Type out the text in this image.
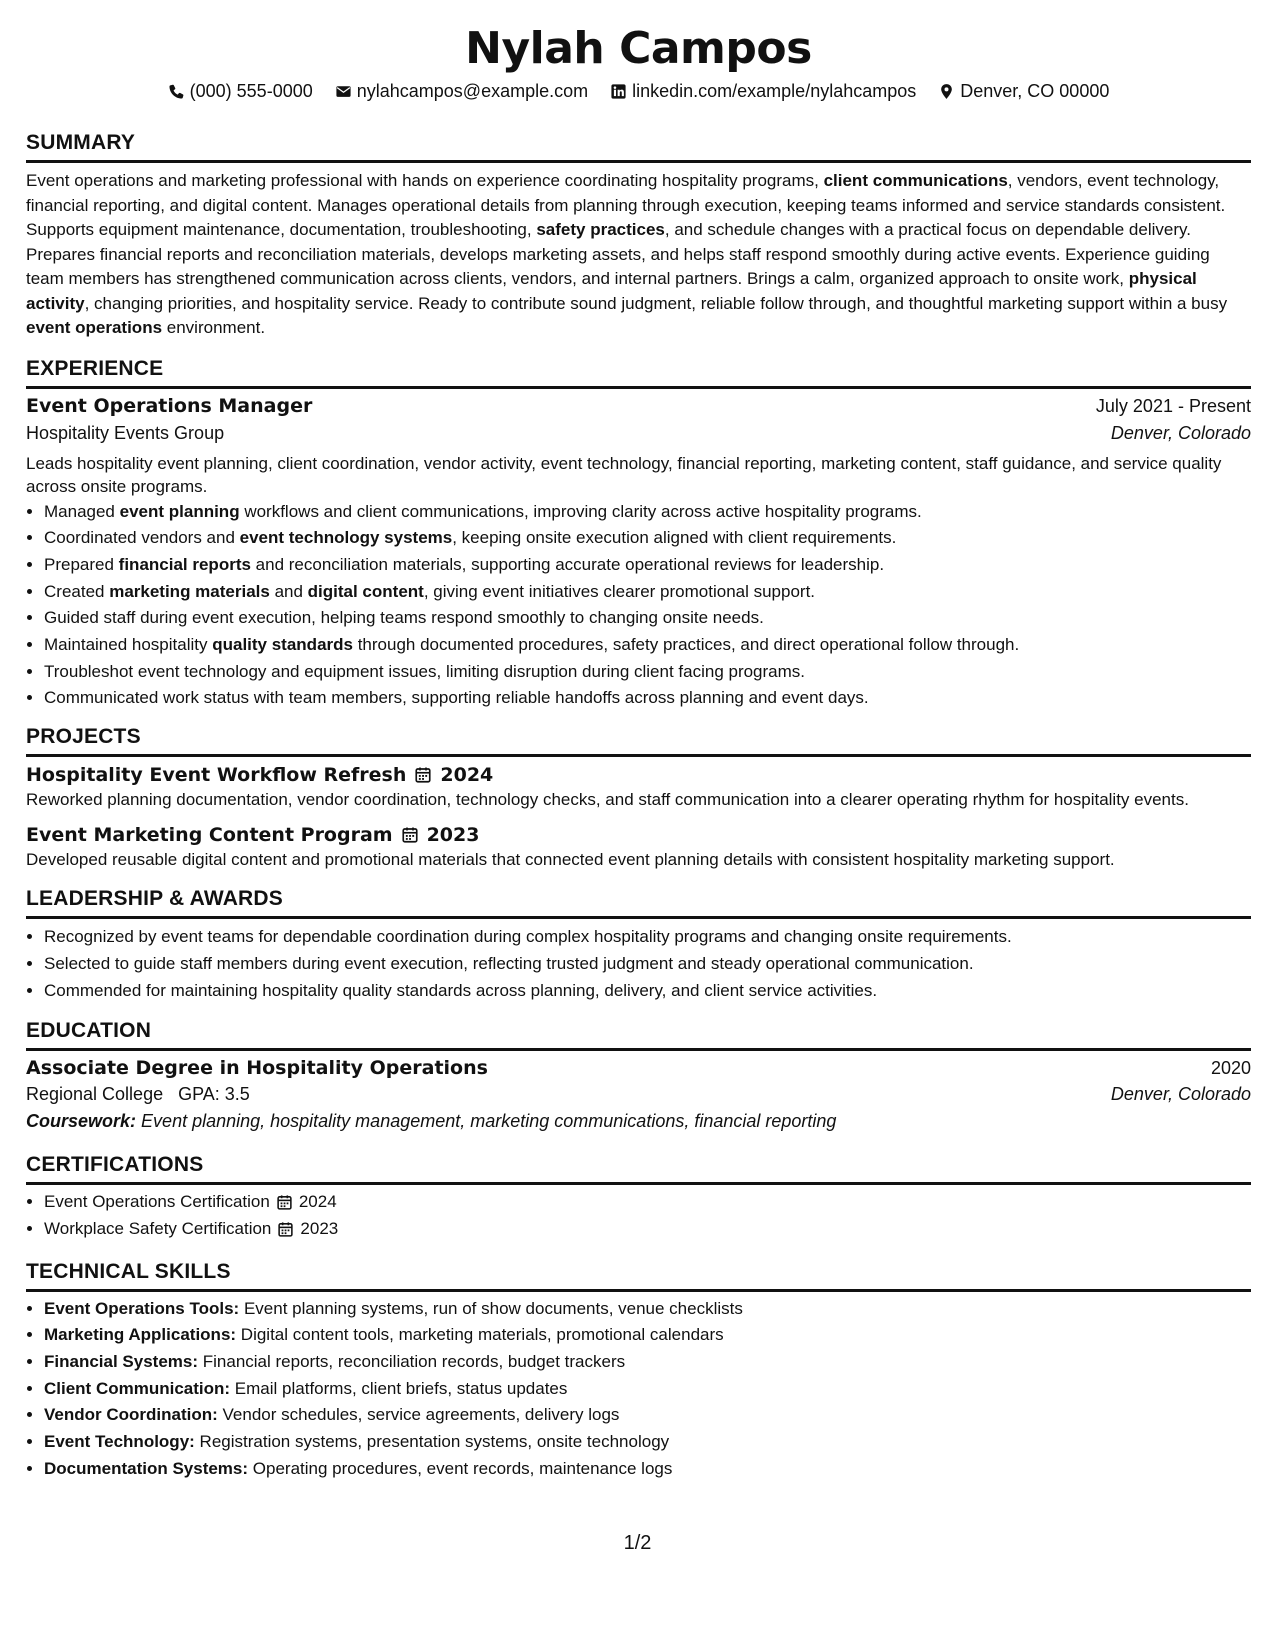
Nylah Campos
(000) 555-0000 nylahcampos@example.com linkedin.com/example/nylahcampos Denver, CO 00000
SUMMARY
Event operations and marketing professional with hands on experience coordinating hospitality programs, client communications, vendors, event technology, financial reporting, and digital content. Manages operational details from planning through execution, keeping teams informed and service standards consistent. Supports equipment maintenance, documentation, troubleshooting, safety practices, and schedule changes with a practical focus on dependable delivery. Prepares financial reports and reconciliation materials, develops marketing assets, and helps staff respond smoothly during active events. Experience guiding team members has strengthened communication across clients, vendors, and internal partners. Brings a calm, organized approach to onsite work, physical activity, changing priorities, and hospitality service. Ready to contribute sound judgment, reliable follow through, and thoughtful marketing support within a busy event operations environment.
EXPERIENCE
Event Operations Manager	July 2021 - Present
Hospitality Events Group	Denver, Colorado
Leads hospitality event planning, client coordination, vendor activity, event technology, financial reporting, marketing content, staff guidance, and service quality across onsite programs.
• Managed event planning workflows and client communications, improving clarity across active hospitality programs.
• Coordinated vendors and event technology systems, keeping onsite execution aligned with client requirements.
• Prepared financial reports and reconciliation materials, supporting accurate operational reviews for leadership.
• Created marketing materials and digital content, giving event initiatives clearer promotional support.
• Guided staff during event execution, helping teams respond smoothly to changing onsite needs.
• Maintained hospitality quality standards through documented procedures, safety practices, and direct operational follow through.
• Troubleshot event technology and equipment issues, limiting disruption during client facing programs.
• Communicated work status with team members, supporting reliable handoffs across planning and event days.
PROJECTS
Hospitality Event Workflow Refresh 2024
Reworked planning documentation, vendor coordination, technology checks, and staff communication into a clearer operating rhythm for hospitality events.
Event Marketing Content Program 2023
Developed reusable digital content and promotional materials that connected event planning details with consistent hospitality marketing support.
LEADERSHIP & AWARDS
• Recognized by event teams for dependable coordination during complex hospitality programs and changing onsite requirements.
• Selected to guide staff members during event execution, reflecting trusted judgment and steady operational communication.
• Commended for maintaining hospitality quality standards across planning, delivery, and client service activities.
EDUCATION
Associate Degree in Hospitality Operations	2020
Regional College GPA: 3.5	Denver, Colorado
Coursework: Event planning, hospitality management, marketing communications, financial reporting
CERTIFICATIONS
• Event Operations Certification 2024
• Workplace Safety Certification 2023
TECHNICAL SKILLS
• Event Operations Tools: Event planning systems, run of show documents, venue checklists
• Marketing Applications: Digital content tools, marketing materials, promotional calendars
• Financial Systems: Financial reports, reconciliation records, budget trackers
• Client Communication: Email platforms, client briefs, status updates
• Vendor Coordination: Vendor schedules, service agreements, delivery logs
• Event Technology: Registration systems, presentation systems, onsite technology
• Documentation Systems: Operating procedures, event records, maintenance logs
1/2
